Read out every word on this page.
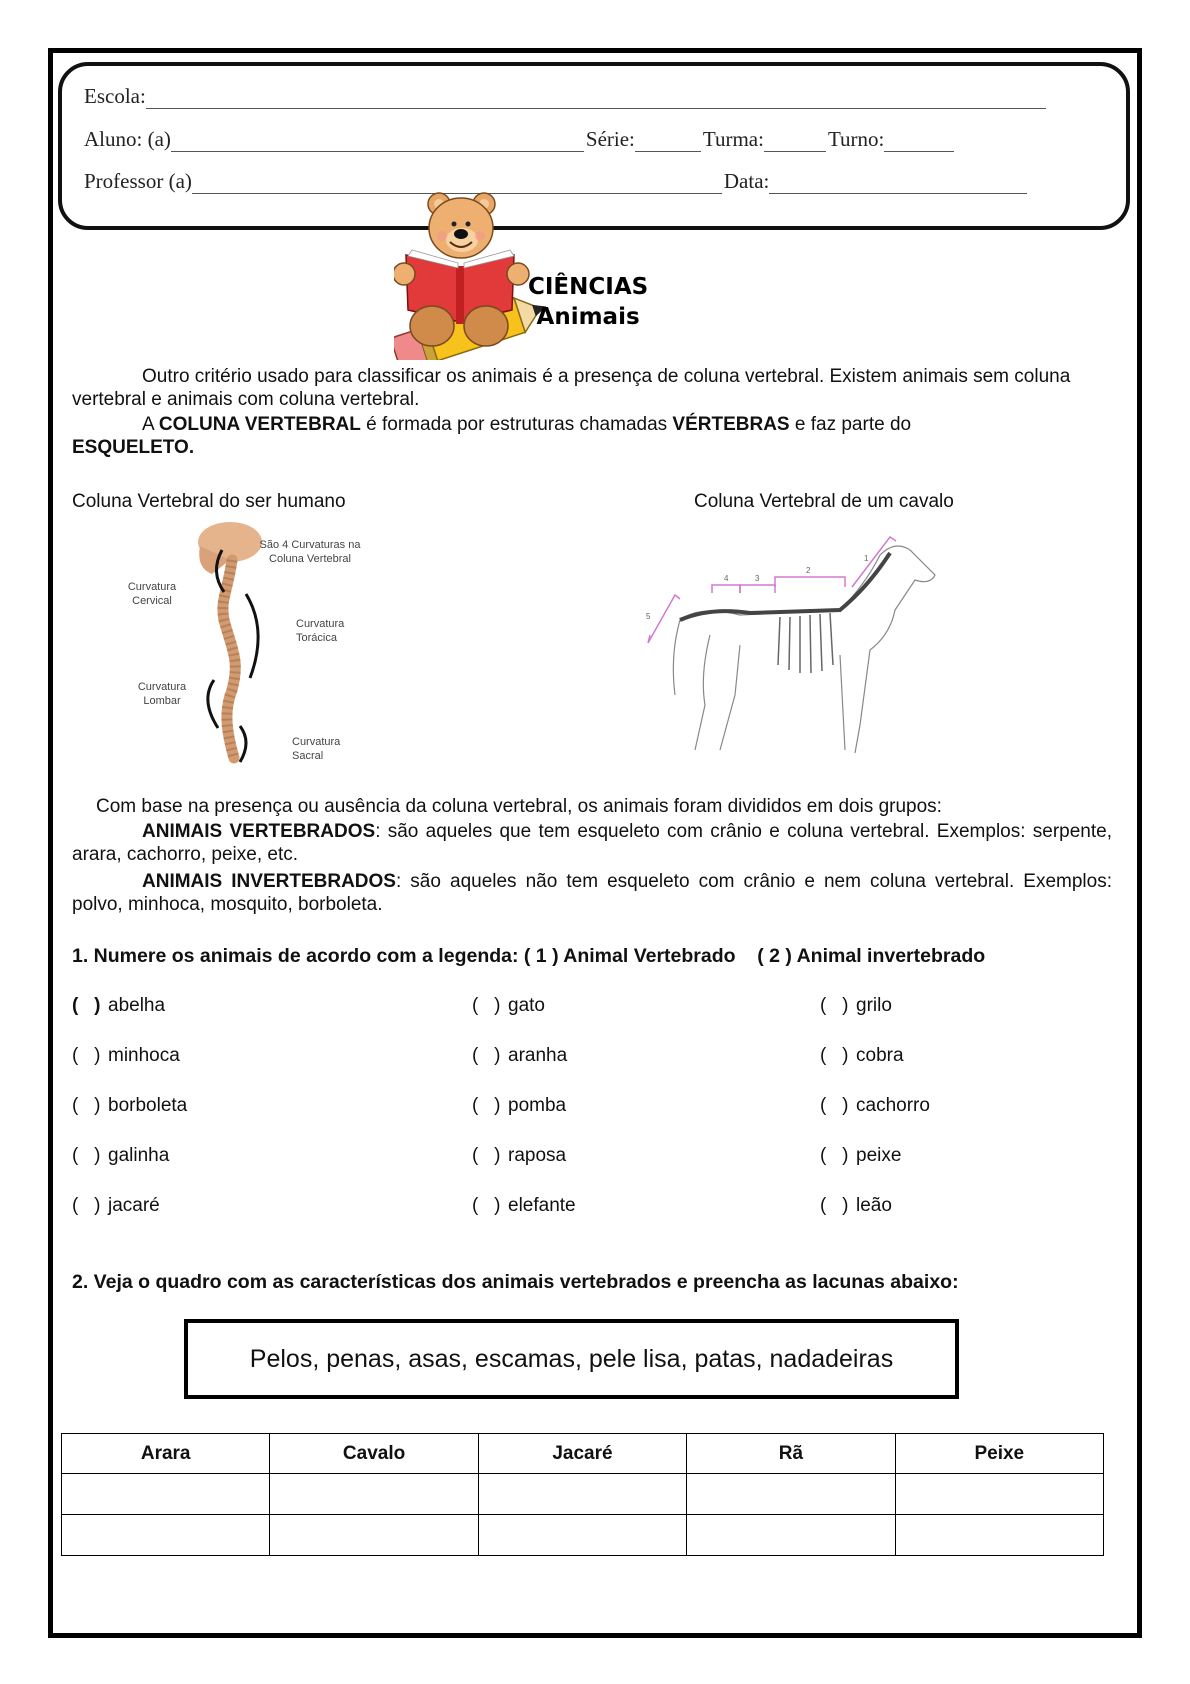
Escola:
Aluno: (a)	Série:	Turma:	Turno:
Professor (a)	Data:
CIÊNCIAS
Animais
Outro critério usado para classificar os animais é a presença de coluna vertebral. Existem animais sem coluna vertebral e animais com coluna vertebral.
A COLUNA VERTEBRAL é formada por estruturas chamadas VÉRTEBRAS e faz parte do
ESQUELETO.
Coluna Vertebral do ser humano	Coluna Vertebral de um cavalo
São 4 Curvaturas na
Coluna Vertebral
Curvatura
Cervical
Curvatura
Torácica
Curvatura
Lombar
Curvatura
Sacral
4	3
2
1
5
Com base na presença ou ausência da coluna vertebral, os animais foram divididos em dois grupos:
ANIMAIS VERTEBRADOS: são aqueles que tem esqueleto com crânio e coluna vertebral. Exemplos: serpente, arara, cachorro, peixe, etc.
ANIMAIS INVERTEBRADOS: são aqueles não tem esqueleto com crânio e nem coluna vertebral. Exemplos: polvo, minhoca, mosquito, borboleta.
1. Numere os animais de acordo com a legenda: ( 1 ) Animal Vertebrado    ( 2 ) Animal invertebrado
(   ) abelha	(   ) gato	(   ) grilo
(   ) minhoca	(   ) aranha	(   ) cobra
(   ) borboleta	(   ) pomba	(   ) cachorro
(   ) galinha	(   ) raposa	(   ) peixe
(   ) jacaré	(   ) elefante	(   ) leão
2. Veja o quadro com as características dos animais vertebrados e preencha as lacunas abaixo:
Pelos, penas, asas, escamas, pele lisa, patas, nadadeiras
Arara	Cavalo	Jacaré	Rã	Peixe
